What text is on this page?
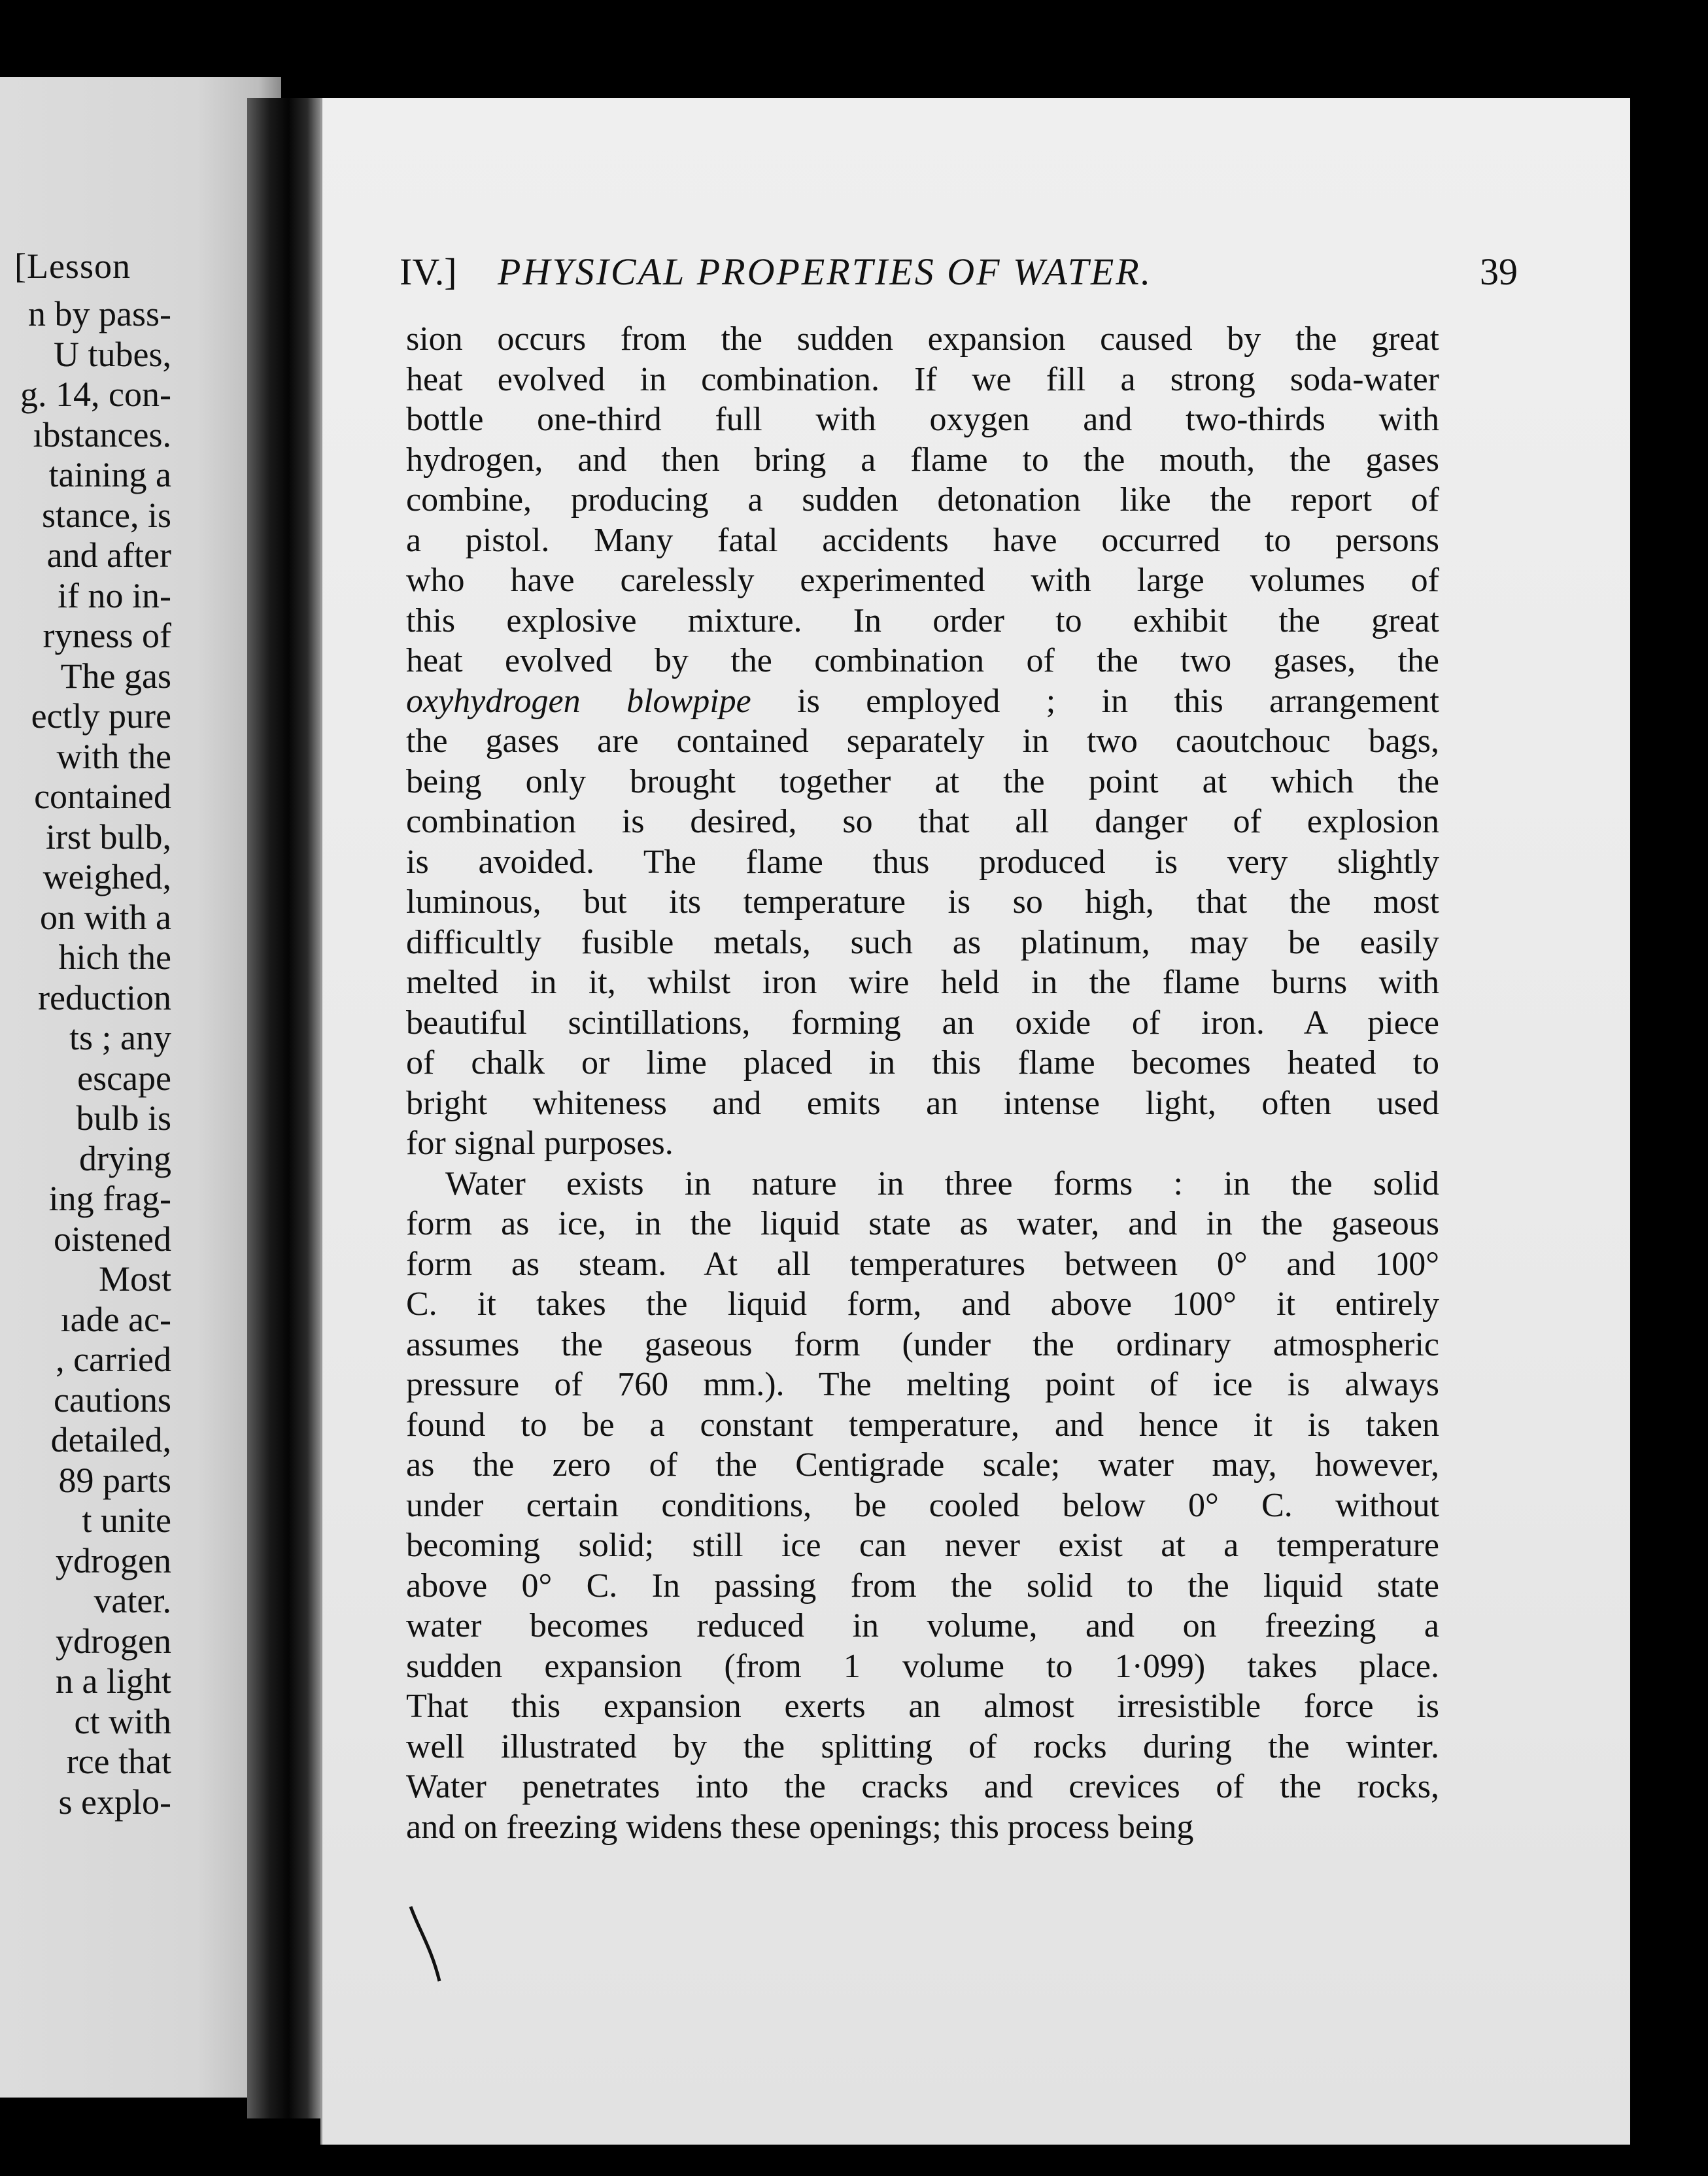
[Lesson
n by pass-
U tubes,
g. 14, con-
ıbstances.
taining a
stance, is
and after
if no in-
ryness of
The gas
ectly pure
with the
contained
irst bulb,
weighed,
on with a
hich the
reduction
ts ; any
escape
bulb is
drying
ing frag-
oistened
Most
ıade ac-
, carried
cautions
detailed,
89 parts
t unite
ydrogen
vater.
ydrogen
n a light
ct with
rce that
s explo-
IV.] PHYSICAL PROPERTIES OF WATER.	39
sion occurs from the sudden expansion caused by the great
heat evolved in combination. If we fill a strong soda-water
bottle one-third full with oxygen and two-thirds with
hydrogen, and then bring a flame to the mouth, the gases
combine, producing a sudden detonation like the report of
a pistol. Many fatal accidents have occurred to persons
who have carelessly experimented with large volumes of
this explosive mixture. In order to exhibit the great
heat evolved by the combination of the two gases, the
oxyhydrogen blowpipe is employed ; in this arrangement
the gases are contained separately in two caoutchouc bags,
being only brought together at the point at which the
combination is desired, so that all danger of explosion
is avoided. The flame thus produced is very slightly
luminous, but its temperature is so high, that the most
difficultly fusible metals, such as platinum, may be easily
melted in it, whilst iron wire held in the flame burns with
beautiful scintillations, forming an oxide of iron. A piece
of chalk or lime placed in this flame becomes heated to
bright whiteness and emits an intense light, often used
for signal purposes.
Water exists in nature in three forms : in the solid
form as ice, in the liquid state as water, and in the gaseous
form as steam. At all temperatures between 0° and 100°
C. it takes the liquid form, and above 100° it entirely
assumes the gaseous form (under the ordinary atmospheric
pressure of 760 mm.). The melting point of ice is always
found to be a constant temperature, and hence it is taken
as the zero of the Centigrade scale; water may, however,
under certain conditions, be cooled below 0° C. without
becoming solid; still ice can never exist at a temperature
above 0° C. In passing from the solid to the liquid state
water becomes reduced in volume, and on freezing a
sudden expansion (from 1 volume to 1·099) takes place.
That this expansion exerts an almost irresistible force is
well illustrated by the splitting of rocks during the winter.
Water penetrates into the cracks and crevices of the rocks,
and on freezing widens these openings; this process being
